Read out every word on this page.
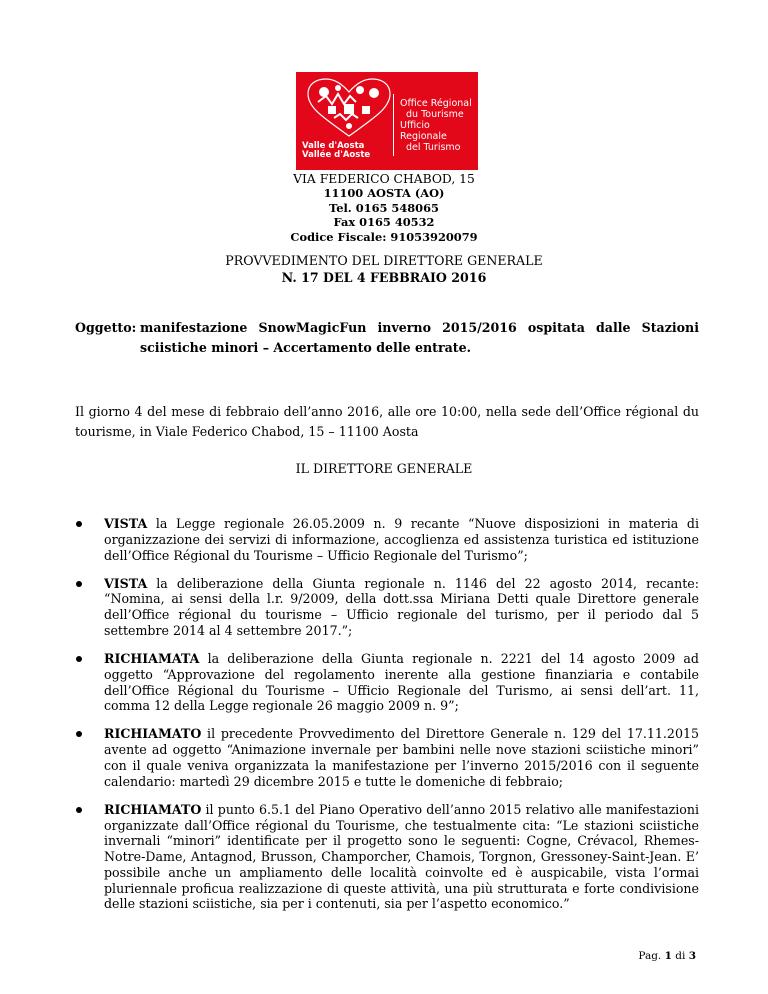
Valle d'Aosta
Vallée d'Aoste
Office Régional
du Tourisme
Ufficio Regionale
del Turismo
VIA FEDERICO CHABOD, 15
11100 AOSTA (AO)
Tel. 0165 548065
Fax 0165 40532
Codice Fiscale: 91053920079
PROVVEDIMENTO DEL DIRETTORE GENERALE
N. 17 DEL 4 FEBBRAIO 2016
Oggetto: manifestazione SnowMagicFun inverno 2015/2016 ospitata dalle Stazioni sciistiche minori – Accertamento delle entrate.
Il giorno 4 del mese di febbraio dell’anno 2016, alle ore 10:00, nella sede dell’Office régional du tourisme, in Viale Federico Chabod, 15 – 11100 Aosta
IL DIRETTORE GENERALE
VISTA la Legge regionale 26.05.2009 n. 9 recante “Nuove disposizioni in materia di organizzazione dei servizi di informazione, accoglienza ed assistenza turistica ed istituzione dell’Office Régional du Tourisme – Ufficio Regionale del Turismo”;
VISTA la deliberazione della Giunta regionale n. 1146 del 22 agosto 2014, recante: “Nomina, ai sensi della l.r. 9/2009, della dott.ssa Miriana Detti quale Direttore generale dell’Office régional du tourisme – Ufficio regionale del turismo, per il periodo dal 5 settembre 2014 al 4 settembre 2017.”;
RICHIAMATA la deliberazione della Giunta regionale n. 2221 del 14 agosto 2009 ad oggetto “Approvazione del regolamento inerente alla gestione finanziaria e contabile dell’Office Régional du Tourisme – Ufficio Regionale del Turismo, ai sensi dell’art. 11, comma 12 della Legge regionale 26 maggio 2009 n. 9”;
RICHIAMATO il precedente Provvedimento del Direttore Generale n. 129 del 17.11.2015 avente ad oggetto “Animazione invernale per bambini nelle nove stazioni sciistiche minori” con il quale veniva organizzata la manifestazione per l’inverno 2015/2016 con il seguente calendario: martedì 29 dicembre 2015 e tutte le domeniche di febbraio;
RICHIAMATO il punto 6.5.1 del Piano Operativo dell’anno 2015 relativo alle manifestazioni organizzate dall’Office régional du Tourisme, che testualmente cita: “Le stazioni sciistiche invernali “minori” identificate per il progetto sono le seguenti: Cogne, Crévacol, Rhemes-Notre-Dame, Antagnod, Brusson, Champorcher, Chamois, Torgnon, Gressoney-Saint-Jean. E’ possibile anche un ampliamento delle località coinvolte ed è auspicabile, vista l’ormai pluriennale proficua realizzazione di queste attività, una più strutturata e forte condivisione delle stazioni sciistiche, sia per i contenuti, sia per l’aspetto economico.”
Pag. 1 di 3
